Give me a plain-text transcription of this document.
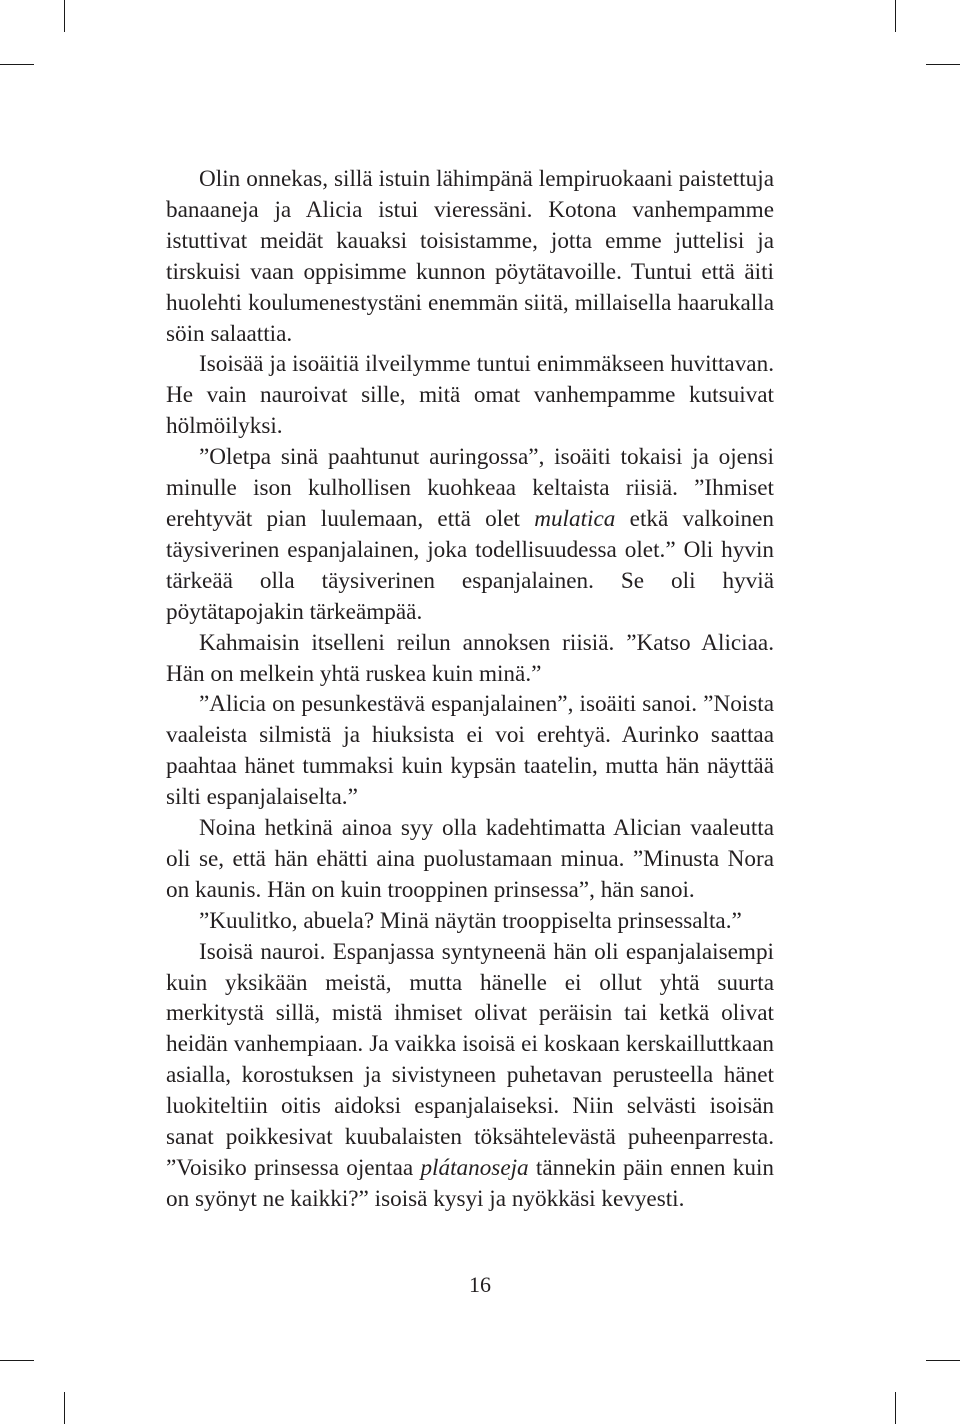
Olin onnekas, sillä istuin lähimpänä lempiruokaani paistettuja banaaneja ja Alicia istui vieressäni. Kotona vanhempamme istuttivat meidät kauaksi toisistamme, jotta emme juttelisi ja tirskuisi vaan oppisimme kunnon pöytätavoille. Tuntui että äiti huolehti koulumenestystäni enemmän siitä, millaisella haarukalla söin salaattia.

Isoisää ja isoäitiä ilveilymme tuntui enimmäkseen huvittavan. He vain nauroivat sille, mitä omat vanhempamme kutsuivat hölmöilyksi.

”Oletpa sinä paahtunut auringossa”, isoäiti tokaisi ja ojensi minulle ison kulhollisen kuohkeaa keltaista riisiä. ”Ihmiset erehtyvät pian luulemaan, että olet mulatica etkä valkoinen täysiverinen espanjalainen, joka todellisuudessa olet.” Oli hyvin tärkeää olla täysiverinen espanjalainen. Se oli hyviä pöytätapojakin tärkeämpää.

Kahmaisin itselleni reilun annoksen riisiä. ”Katso Aliciaa. Hän on melkein yhtä ruskea kuin minä.”

”Alicia on pesunkestävä espanjalainen”, isoäiti sanoi. ”Noista vaaleista silmistä ja hiuksista ei voi erehtyä. Aurinko saattaa paahtaa hänet tummaksi kuin kypsän taatelin, mutta hän näyttää silti espanjalaiselta.”

Noina hetkinä ainoa syy olla kadehtimatta Alician vaaleutta oli se, että hän ehätti aina puolustamaan minua. ”Minusta Nora on kaunis. Hän on kuin trooppinen prinsessa”, hän sanoi.

”Kuulitko, abuela? Minä näytän trooppiselta prinsessalta.”

Isoisä nauroi. Espanjassa syntyneenä hän oli espanjalaisempi kuin yksikään meistä, mutta hänelle ei ollut yhtä suurta merkitystä sillä, mistä ihmiset olivat peräisin tai ketkä olivat heidän vanhempiaan. Ja vaikka isoisä ei koskaan kerskailluttkaan asialla, korostuksen ja sivistyneen puhetavan perusteella hänet luokiteltiin oitis aidoksi espanjalaiseksi. Niin selvästi isoisän sanat poikkesivat kuubalaisten töksähtelevästä puheenparresta. ”Voisiko prinsessa ojentaa plátanoseja tännekin päin ennen kuin on syönyt ne kaikki?” isoisä kysyi ja nyökkäsi kevyesti.

16
